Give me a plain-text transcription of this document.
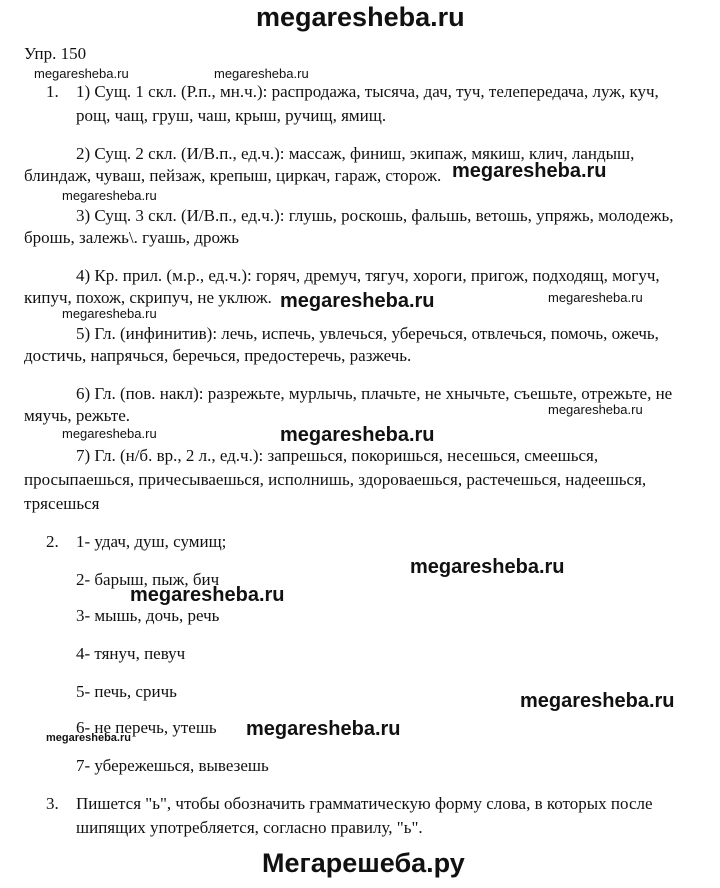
megaresheba.ru
Упр. 150
megaresheba.ru	megaresheba.ru
1. 1) Сущ. 1 скл. (Р.п., мн.ч.): распродажа, тысяча, дач, туч, телепередача, луж, куч,
рощ, чащ, груш, чаш, крыш, ручищ, ямищ.
2) Сущ. 2 скл. (И/В.п., ед.ч.): массаж, финиш, экипаж, мякиш, клич, ландыш,
блиндаж, чуваш, пейзаж, крепыш, циркач, гараж, сторож. megaresheba.ru
megaresheba.ru
3) Сущ. 3 скл. (И/В.п., ед.ч.): глушь, роскошь, фальшь, ветошь, упряжь, молодежь,
брошь, залежь\. гуашь, дрожь
4) Кр. прил. (м.р., ед.ч.): горяч, дремуч, тягуч, хороги, пригож, подходящ, могуч,
кипуч, похож, скрипуч, не уклюж. megaresheba.ru	megaresheba.ru
megaresheba.ru
5) Гл. (инфинитив): лечь, испечь, увлечься, уберечься, отвлечься, помочь, ожечь,
достичь, напрячься, беречься, предостеречь, разжечь.
6) Гл. (пов. накл): разрежьте, мурлычь, плачьте, не хнычьте, съешьте, отрежьте, не
мяучь, режьте.	megaresheba.ru
megaresheba.ru	megaresheba.ru
7) Гл. (н/б. вр., 2 л., ед.ч.): запрешься, покоришься, несешься, смеешься,
просыпаешься, причесываешься, исполнишь, здороваешься, растечешься, надеешься,
трясешься
2. 1- удач, душ, сумищ;
megaresheba.ru
2- барыш, пыж, бич
megaresheba.ru
3- мышь, дочь, речь
4- тянуч, певуч
5- печь, сричь	megaresheba.ru
6- не перечь, утешь megaresheba.ru
megaresheba.ru
7- убережешься, вывезешь
3. Пишется "ь", чтобы обозначить грамматическую форму слова, в которых после
шипящих употребляется, согласно правилу, "ь".
Мегарешеба.ру
